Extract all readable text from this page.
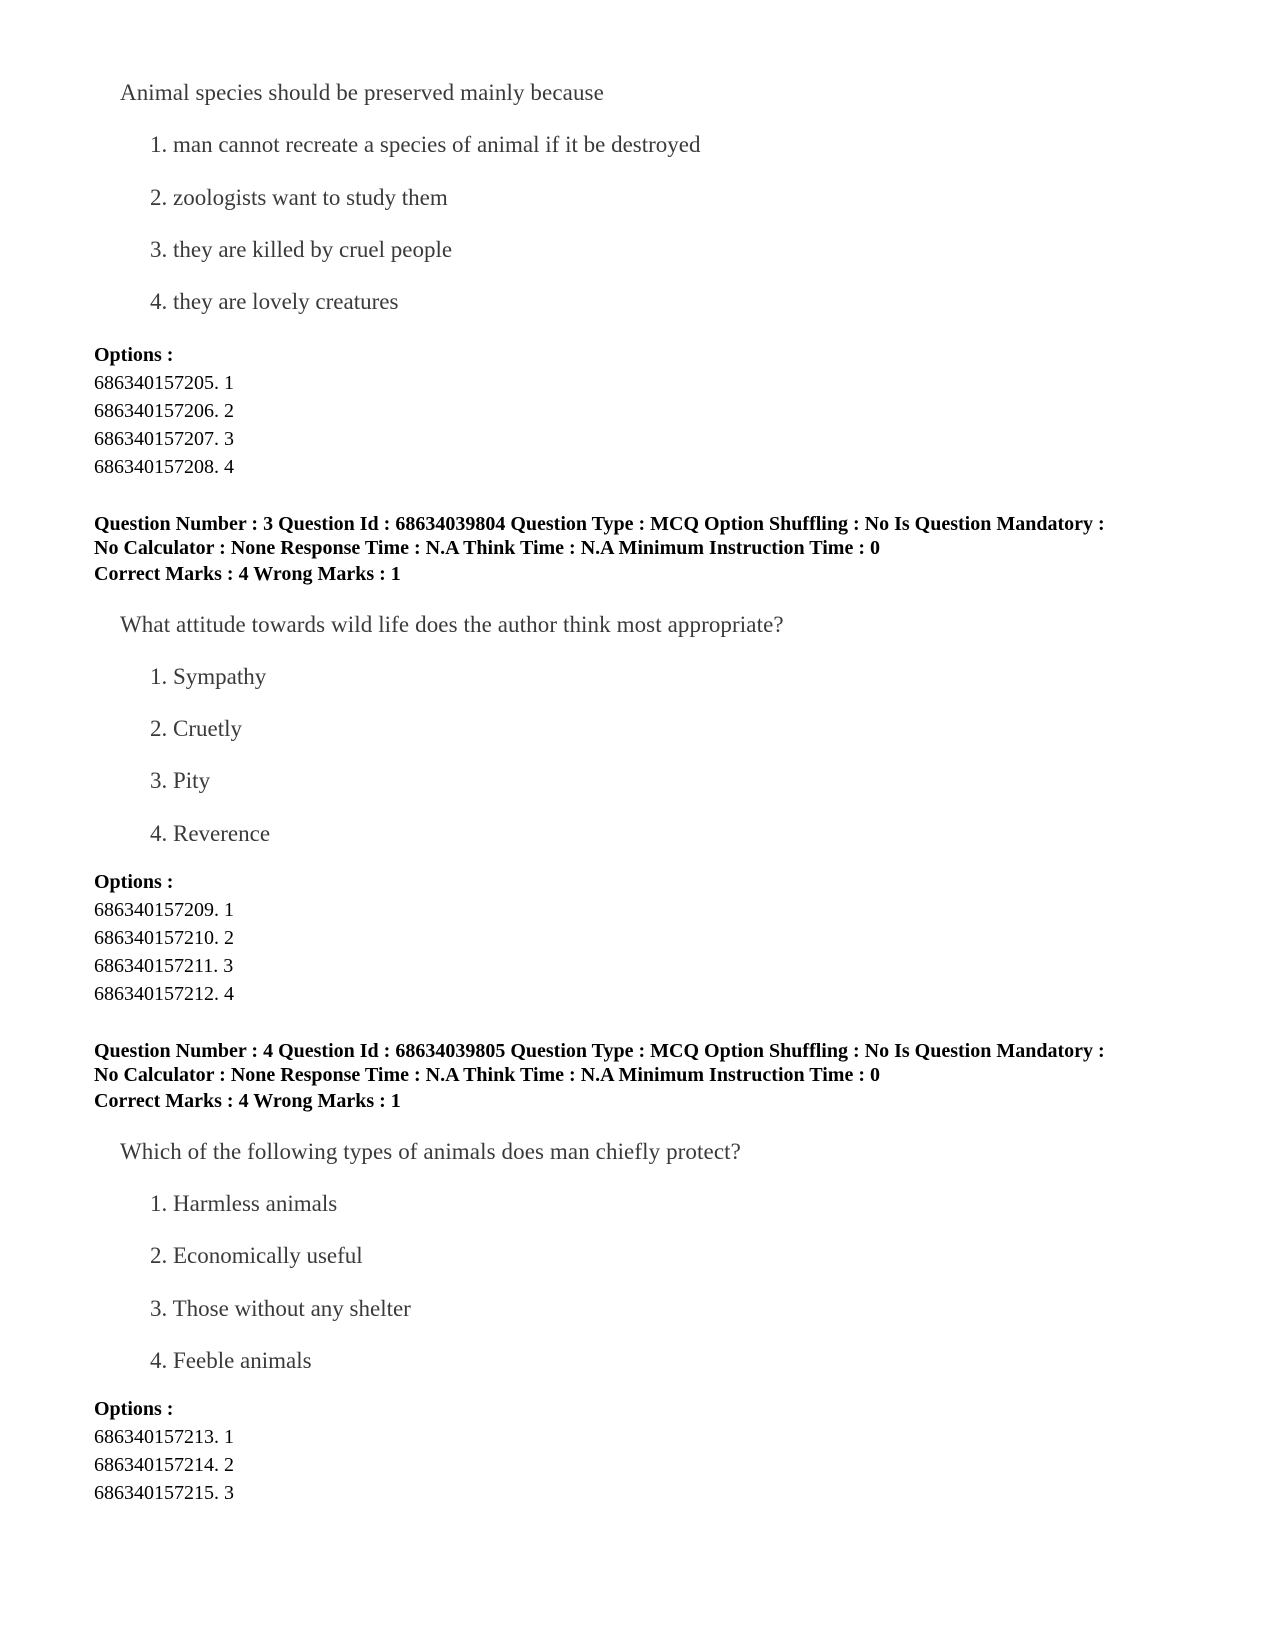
Animal species should be preserved mainly because
1. man cannot recreate a species of animal if it be destroyed
2. zoologists want to study them
3. they are killed by cruel people
4. they are lovely creatures
Options :
686340157205. 1
686340157206. 2
686340157207. 3
686340157208. 4
Question Number : 3 Question Id : 68634039804 Question Type : MCQ Option Shuffling : No Is Question Mandatory :
No Calculator : None Response Time : N.A Think Time : N.A Minimum Instruction Time : 0
Correct Marks : 4 Wrong Marks : 1
What attitude towards wild life does the author think most appropriate?
1. Sympathy
2. Cruetly
3. Pity
4. Reverence
Options :
686340157209. 1
686340157210. 2
686340157211. 3
686340157212. 4
Question Number : 4 Question Id : 68634039805 Question Type : MCQ Option Shuffling : No Is Question Mandatory :
No Calculator : None Response Time : N.A Think Time : N.A Minimum Instruction Time : 0
Correct Marks : 4 Wrong Marks : 1
Which of the following types of animals does man chiefly protect?
1. Harmless animals
2. Economically useful
3. Those without any shelter
4. Feeble animals
Options :
686340157213. 1
686340157214. 2
686340157215. 3
